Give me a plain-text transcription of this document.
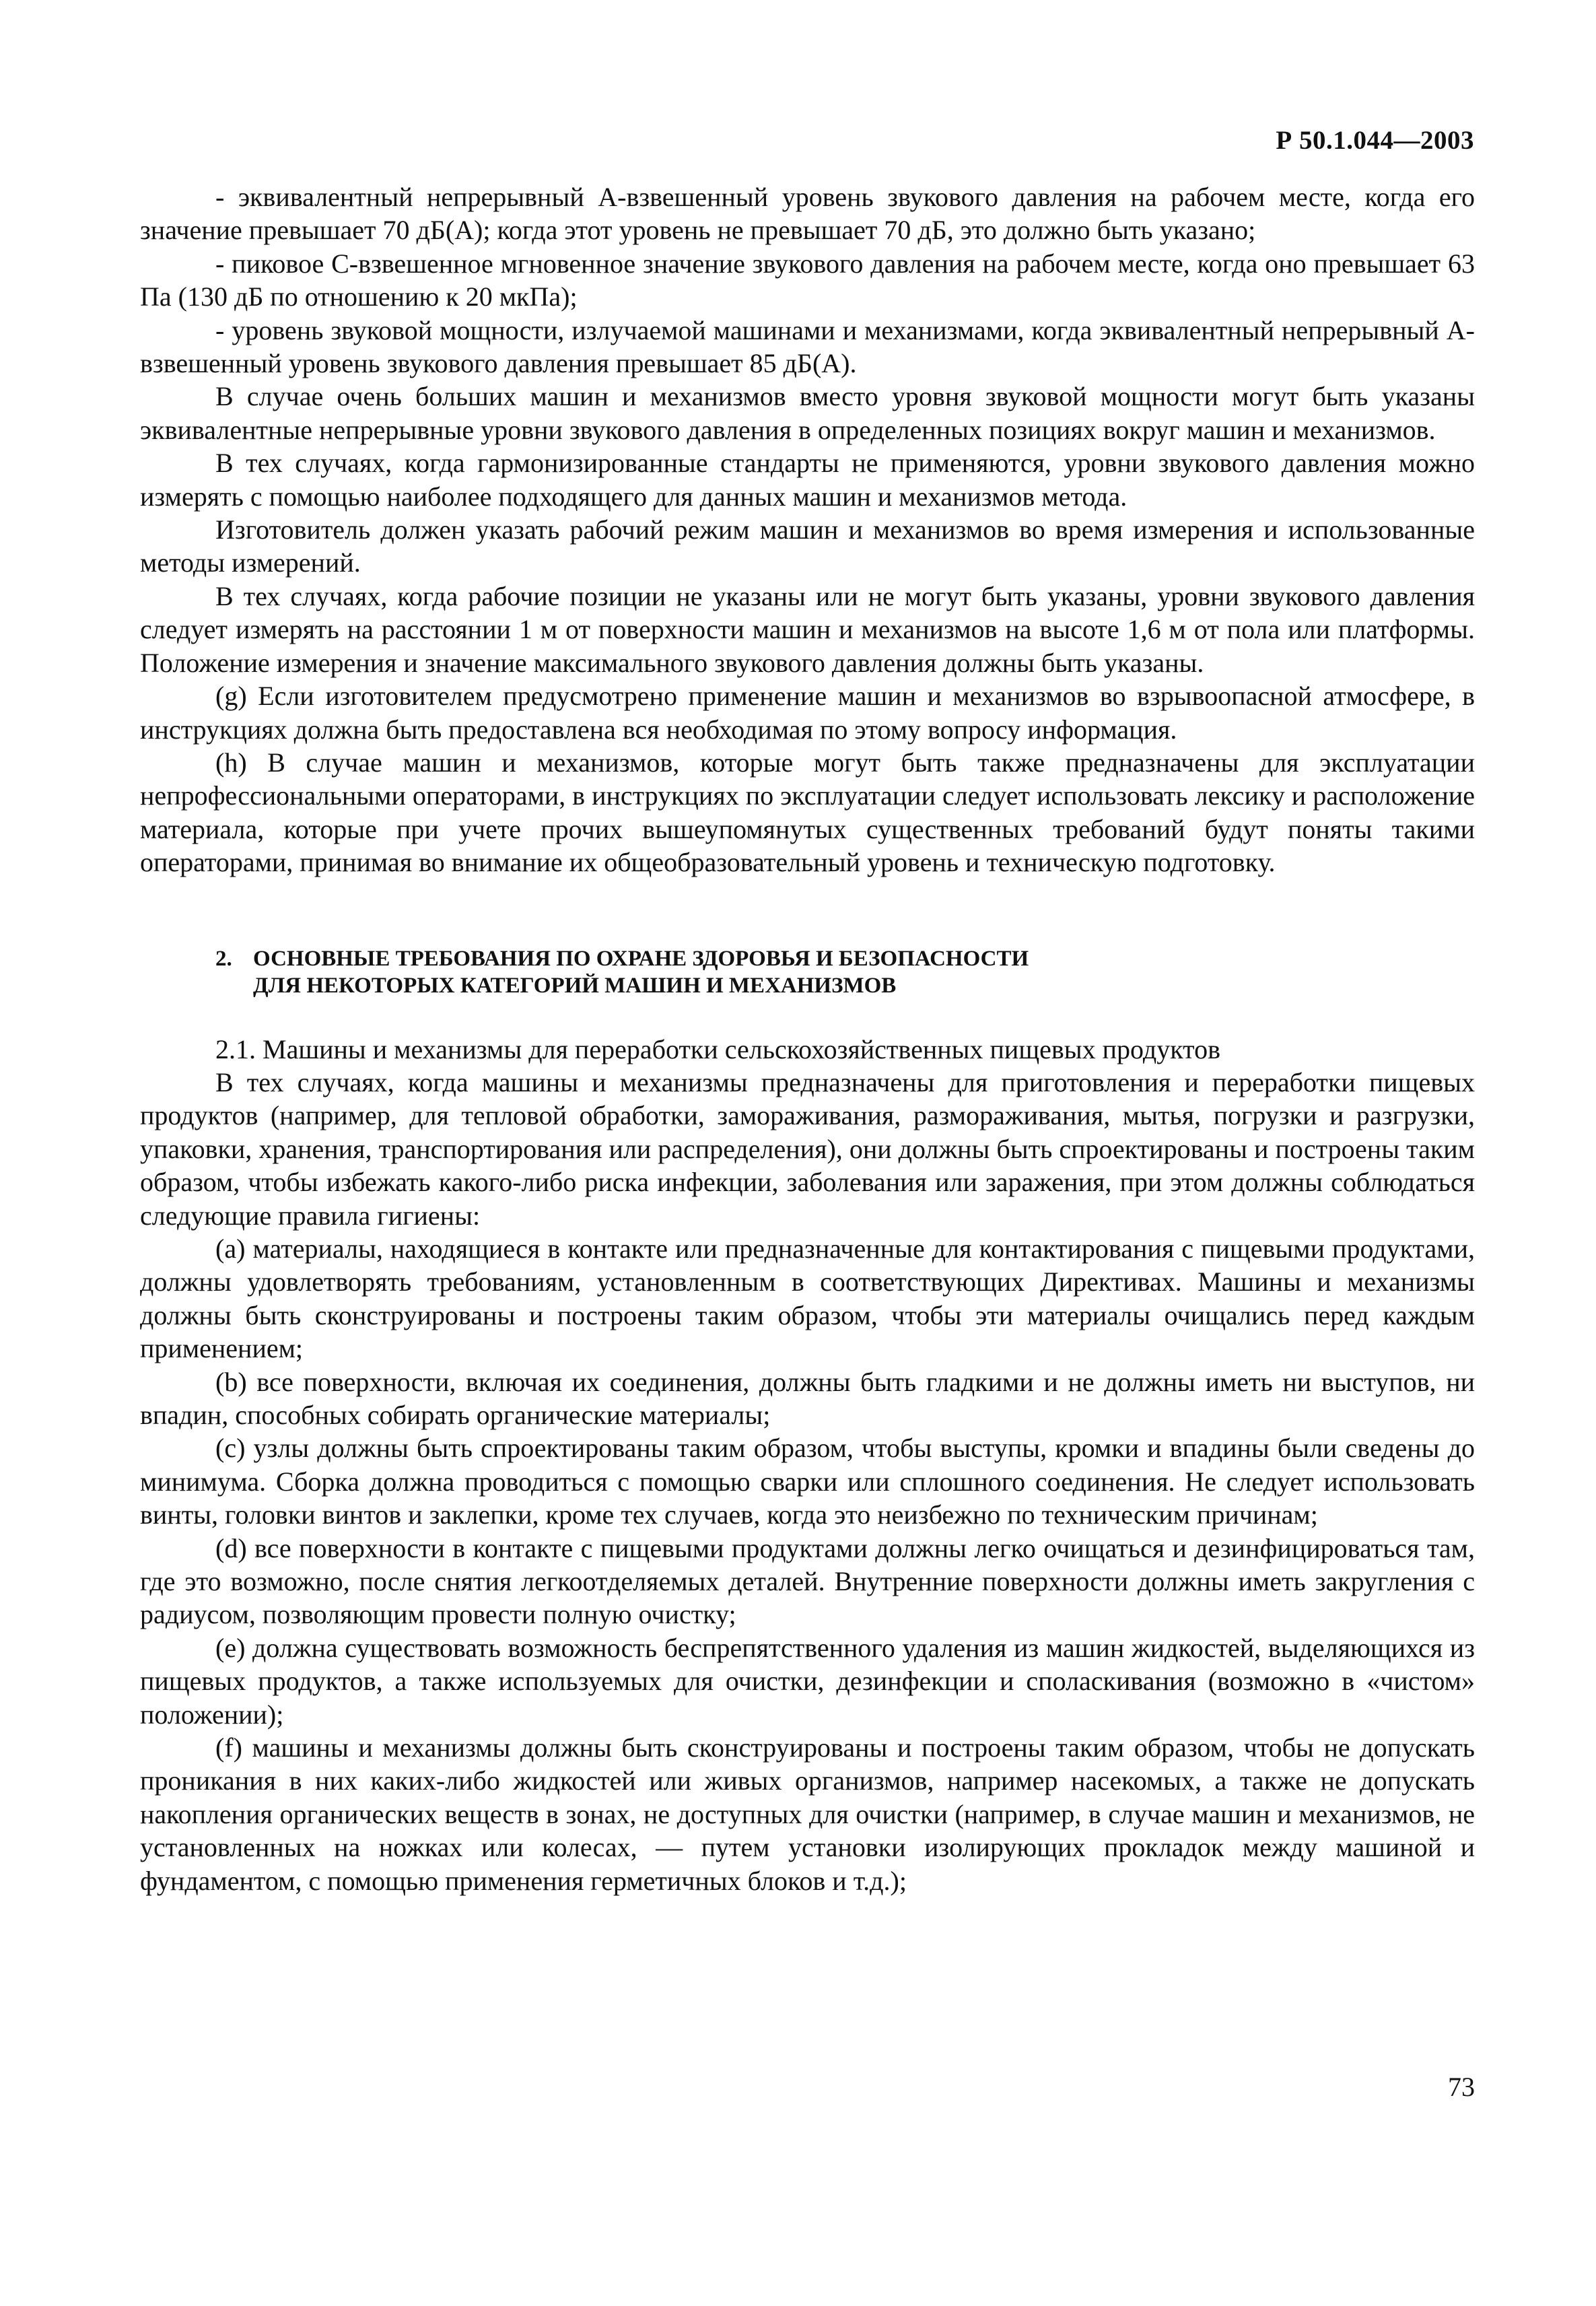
Р 50.1.044—2003

- эквивалентный непрерывный А-взвешенный уровень звукового давления на рабочем месте, когда его значение превышает 70 дБ(А); когда этот уровень не превышает 70 дБ, это должно быть указано;

- пиковое С-взвешенное мгновенное значение звукового давления на рабочем месте, когда оно превышает 63 Па (130 дБ по отношению к 20 мкПа);

- уровень звуковой мощности, излучаемой машинами и механизмами, когда эквивалентный непрерывный А-взвешенный уровень звукового давления превышает 85 дБ(А).

В случае очень больших машин и механизмов вместо уровня звуковой мощности могут быть указаны эквивалентные непрерывные уровни звукового давления в определенных позициях вокруг машин и механизмов.

В тех случаях, когда гармонизированные стандарты не применяются, уровни звукового давления можно измерять с помощью наиболее подходящего для данных машин и механизмов метода.

Изготовитель должен указать рабочий режим машин и механизмов во время измерения и использованные методы измерений.

В тех случаях, когда рабочие позиции не указаны или не могут быть указаны, уровни звукового давления следует измерять на расстоянии 1 м от поверхности машин и механизмов на высоте 1,6 м от пола или платформы. Положение измерения и значение максимального звукового давления должны быть указаны.

(g) Если изготовителем предусмотрено применение машин и механизмов во взрывоопасной атмосфере, в инструкциях должна быть предоставлена вся необходимая по этому вопросу информация.

(h) В случае машин и механизмов, которые могут быть также предназначены для эксплуатации непрофессиональными операторами, в инструкциях по эксплуатации следует использовать лексику и расположение материала, которые при учете прочих вышеупомянутых существенных требований будут поняты такими операторами, принимая во внимание их общеобразовательный уровень и техническую подготовку.

2. ОСНОВНЫЕ ТРЕБОВАНИЯ ПО ОХРАНЕ ЗДОРОВЬЯ И БЕЗОПАСНОСТИ
ДЛЯ НЕКОТОРЫХ КАТЕГОРИЙ МАШИН И МЕХАНИЗМОВ

2.1. Машины и механизмы для переработки сельскохозяйственных пищевых продуктов

В тех случаях, когда машины и механизмы предназначены для приготовления и переработки пищевых продуктов (например, для тепловой обработки, замораживания, размораживания, мытья, погрузки и разгрузки, упаковки, хранения, транспортирования или распределения), они должны быть спроектированы и построены таким образом, чтобы избежать какого-либо риска инфекции, заболевания или заражения, при этом должны соблюдаться следующие правила гигиены:

(a) материалы, находящиеся в контакте или предназначенные для контактирования с пищевыми продуктами, должны удовлетворять требованиям, установленным в соответствующих Директивах. Машины и механизмы должны быть сконструированы и построены таким образом, чтобы эти материалы очищались перед каждым применением;

(b) все поверхности, включая их соединения, должны быть гладкими и не должны иметь ни выступов, ни впадин, способных собирать органические материалы;

(c) узлы должны быть спроектированы таким образом, чтобы выступы, кромки и впадины были сведены до минимума. Сборка должна проводиться с помощью сварки или сплошного соединения. Не следует использовать винты, головки винтов и заклепки, кроме тех случаев, когда это неизбежно по техническим причинам;

(d) все поверхности в контакте с пищевыми продуктами должны легко очищаться и дезинфицироваться там, где это возможно, после снятия легкоотделяемых деталей. Внутренние поверхности должны иметь закругления с радиусом, позволяющим провести полную очистку;

(e) должна существовать возможность беспрепятственного удаления из машин жидкостей, выделяющихся из пищевых продуктов, а также используемых для очистки, дезинфекции и споласкивания (возможно в «чистом» положении);

(f) машины и механизмы должны быть сконструированы и построены таким образом, чтобы не допускать проникания в них каких-либо жидкостей или живых организмов, например насекомых, а также не допускать накопления органических веществ в зонах, не доступных для очистки (например, в случае машин и механизмов, не установленных на ножках или колесах, — путем установки изолирующих прокладок между машиной и фундаментом, с помощью применения герметичных блоков и т.д.);

73
